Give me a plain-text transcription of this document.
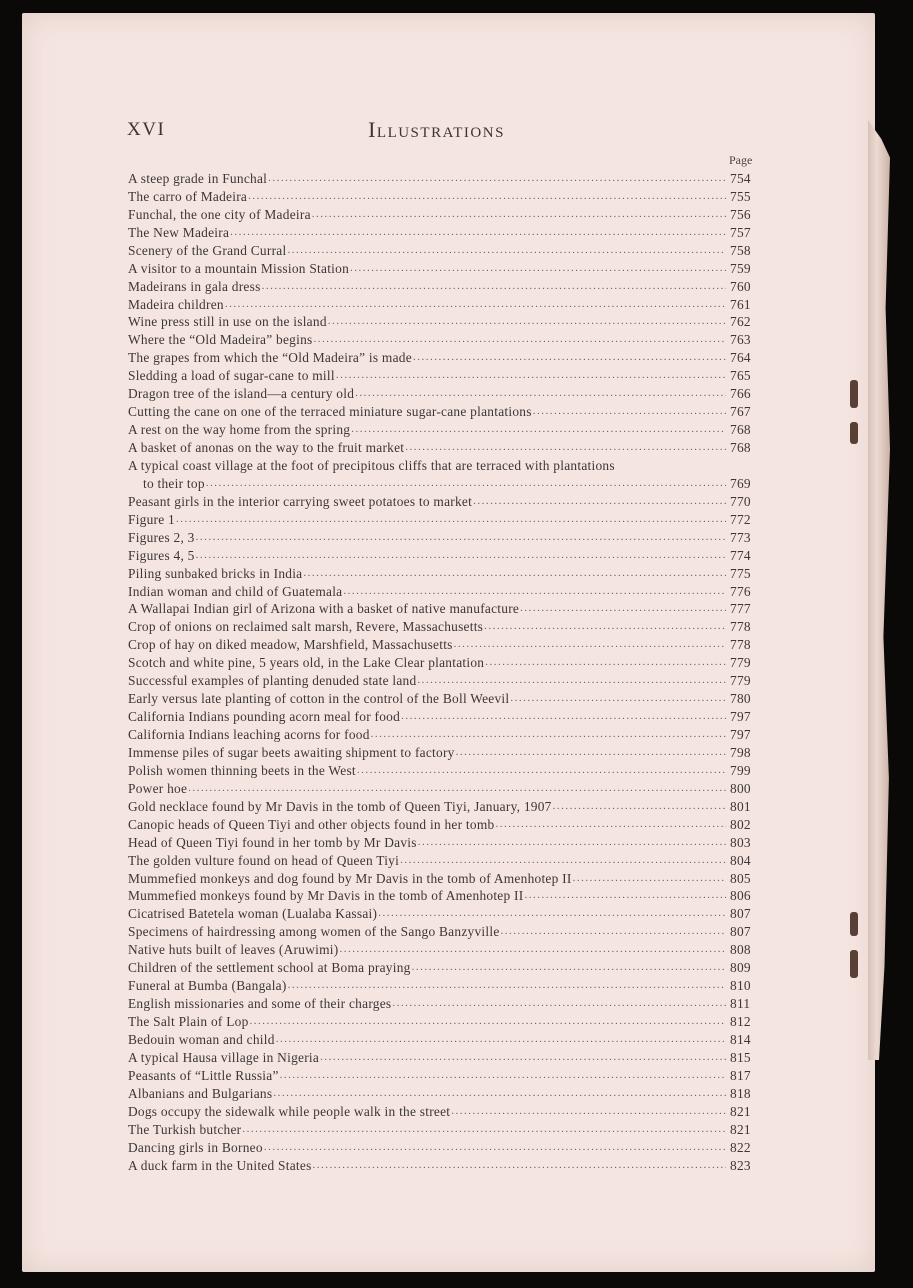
XVI	Illustrations
Page
A steep grade in Funchal .....	754
The carro of Madeira .....	755
Funchal, the one city of Madeira .....	756
The New Madeira .....	757
Scenery of the Grand Curral .....	758
A visitor to a mountain Mission Station .....	759
Madeirans in gala dress .....	760
Madeira children .....	761
Wine press still in use on the island .....	762
Where the “Old Madeira” begins .....	763
The grapes from which the “Old Madeira” is made .....	764
Sledding a load of sugar-cane to mill .....	765
Dragon tree of the island—a century old .....	766
Cutting the cane on one of the terraced miniature sugar-cane plantations .....	767
A rest on the way home from the spring .....	768
A basket of anonas on the way to the fruit market .....	768
A typical coast village at the foot of precipitous cliffs that are terraced with plantations
to their top .....	769
Peasant girls in the interior carrying sweet potatoes to market .....	770
Figure 1 .....	772
Figures 2, 3 .....	773
Figures 4, 5 .....	774
Piling sunbaked bricks in India .....	775
Indian woman and child of Guatemala .....	776
A Wallapai Indian girl of Arizona with a basket of native manufacture .....	777
Crop of onions on reclaimed salt marsh, Revere, Massachusetts .....	778
Crop of hay on diked meadow, Marshfield, Massachusetts .....	778
Scotch and white pine, 5 years old, in the Lake Clear plantation .....	779
Successful examples of planting denuded state land .....	779
Early versus late planting of cotton in the control of the Boll Weevil .....	780
California Indians pounding acorn meal for food .....	797
California Indians leaching acorns for food .....	797
Immense piles of sugar beets awaiting shipment to factory .....	798
Polish women thinning beets in the West .....	799
Power hoe .....	800
Gold necklace found by Mr Davis in the tomb of Queen Tiyi, January, 1907 .....	801
Canopic heads of Queen Tiyi and other objects found in her tomb .....	802
Head of Queen Tiyi found in her tomb by Mr Davis .....	803
The golden vulture found on head of Queen Tiyi .....	804
Mummefied monkeys and dog found by Mr Davis in the tomb of Amenhotep II .....	805
Mummefied monkeys found by Mr Davis in the tomb of Amenhotep II .....	806
Cicatrised Batetela woman (Lualaba Kassai) .....	807
Specimens of hairdressing among women of the Sango Banzyville .....	807
Native huts built of leaves (Aruwimi) .....	808
Children of the settlement school at Boma praying .....	809
Funeral at Bumba (Bangala) .....	810
English missionaries and some of their charges .....	811
The Salt Plain of Lop .....	812
Bedouin woman and child .....	814
A typical Hausa village in Nigeria .....	815
Peasants of “Little Russia” .....	817
Albanians and Bulgarians .....	818
Dogs occupy the sidewalk while people walk in the street .....	821
The Turkish butcher .....	821
Dancing girls in Borneo .....	822
A duck farm in the United States .....	823
